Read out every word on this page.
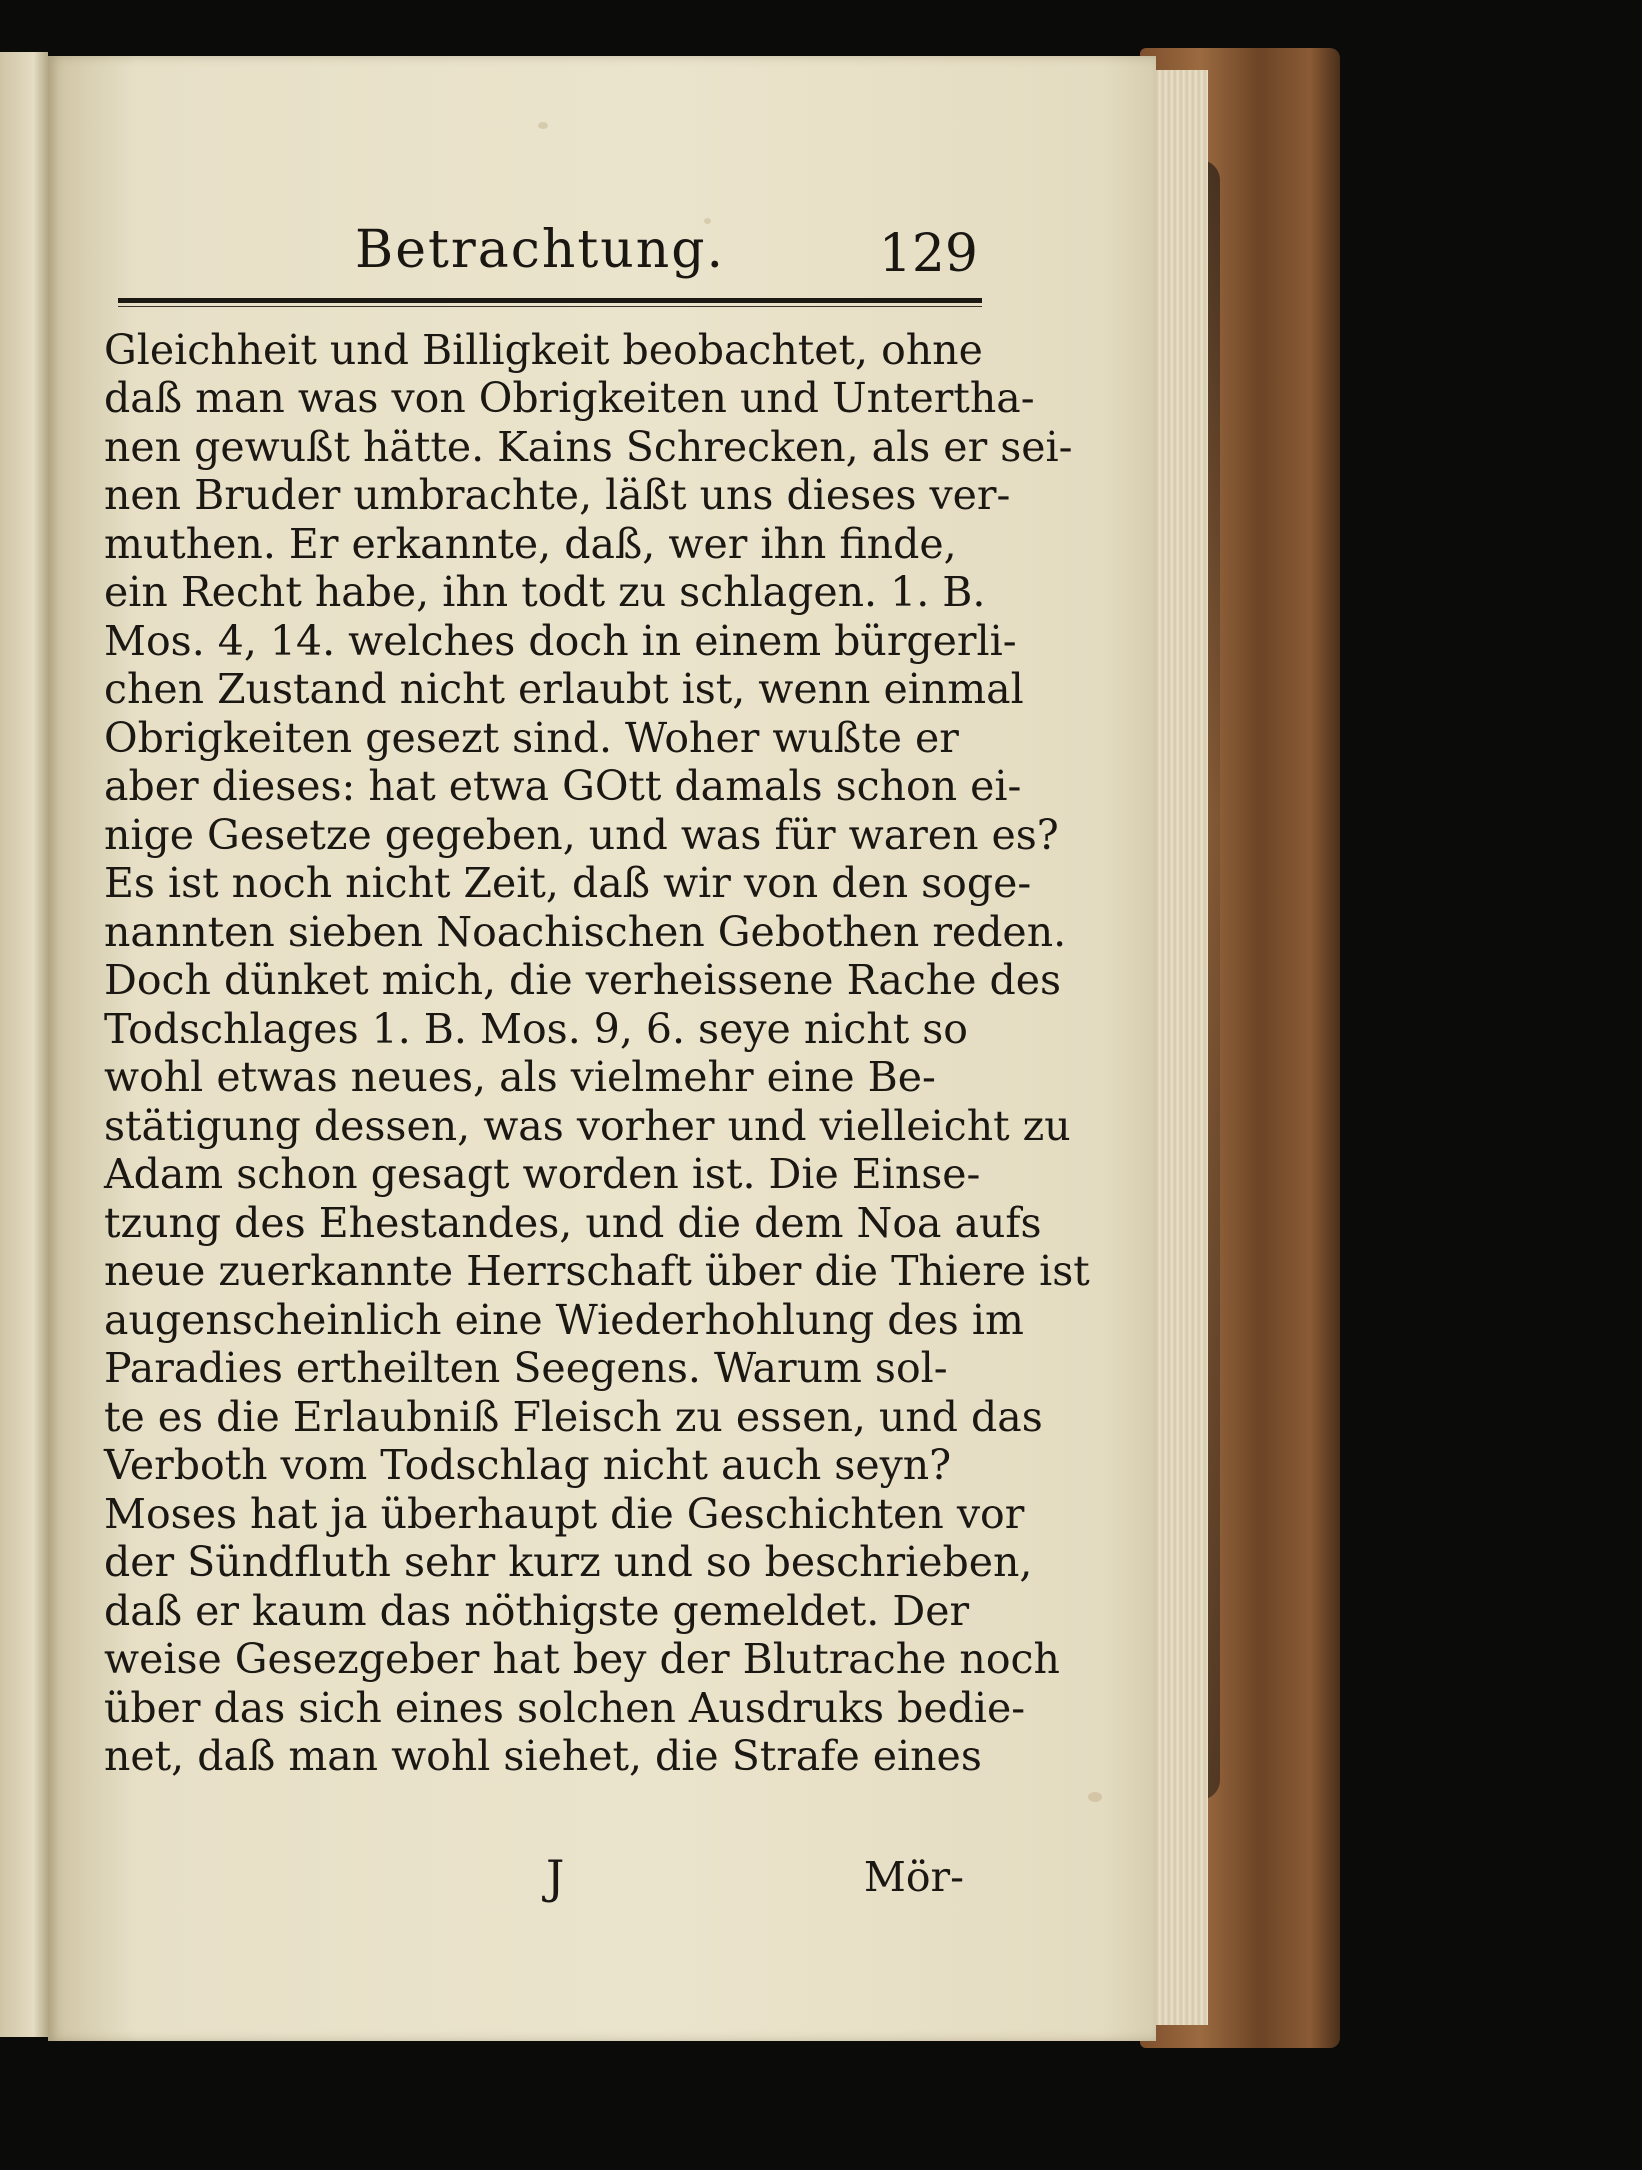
Betrachtung.	129
Gleichheit und Billigkeit beobachtet, ohne
daß man was von Obrigkeiten und Untertha-
nen gewußt hätte. Kains Schrecken, als er sei-
nen Bruder umbrachte, läßt uns dieses ver-
muthen. Er erkannte, daß, wer ihn finde,
ein Recht habe, ihn todt zu schlagen. 1. B.
Mos. 4, 14. welches doch in einem bürgerli-
chen Zustand nicht erlaubt ist, wenn einmal
Obrigkeiten gesezt sind. Woher wußte er
aber dieses: hat etwa GOtt damals schon ei-
nige Gesetze gegeben, und was für waren es?
Es ist noch nicht Zeit, daß wir von den soge-
nannten sieben Noachischen Gebothen reden.
Doch dünket mich, die verheissene Rache des
Todschlages 1. B. Mos. 9, 6. seye nicht so
wohl etwas neues, als vielmehr eine Be-
stätigung dessen, was vorher und vielleicht zu
Adam schon gesagt worden ist. Die Einse-
tzung des Ehestandes, und die dem Noa aufs
neue zuerkannte Herrschaft über die Thiere ist
augenscheinlich eine Wiederhohlung des im
Paradies ertheilten Seegens. Warum sol-
te es die Erlaubniß Fleisch zu essen, und das
Verboth vom Todschlag nicht auch seyn?
Moses hat ja überhaupt die Geschichten vor
der Sündfluth sehr kurz und so beschrieben,
daß er kaum das nöthigste gemeldet. Der
weise Gesezgeber hat bey der Blutrache noch
über das sich eines solchen Ausdruks bedie-
net, daß man wohl siehet, die Strafe eines
J	Mör-
